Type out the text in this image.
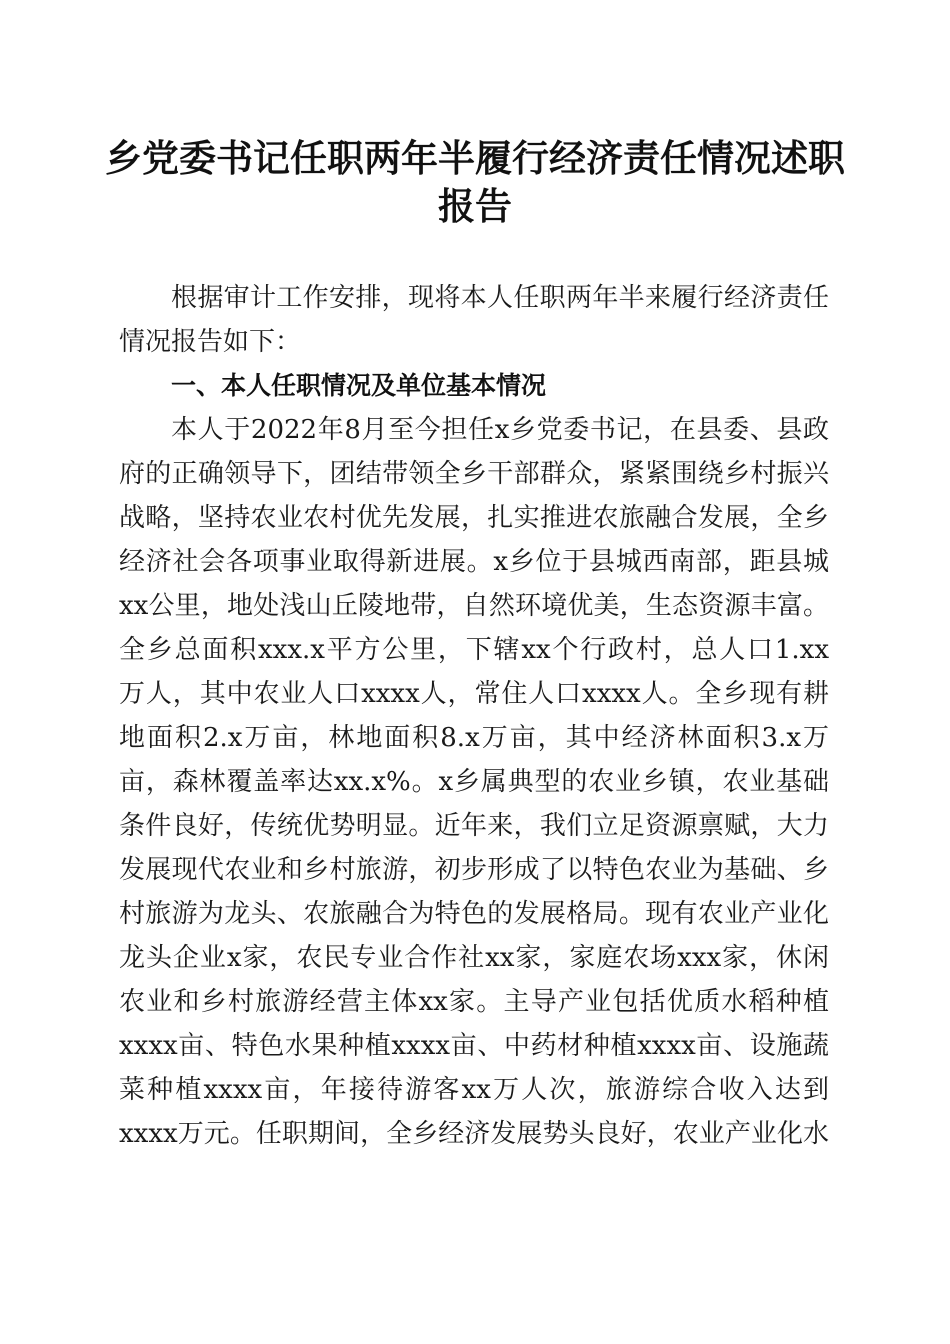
乡党委书记任职两年半履行经济责任情况述职
报告
根据审计工作安排，现将本人任职两年半来履行经济责任
情况报告如下：
一、本人任职情况及单位基本情况
本人于2022年8月至今担任x乡党委书记，在县委、县政
府的正确领导下，团结带领全乡干部群众，紧紧围绕乡村振兴
战略，坚持农业农村优先发展，扎实推进农旅融合发展，全乡
经济社会各项事业取得新进展。x乡位于县城西南部，距县城
xx公里，地处浅山丘陵地带，自然环境优美，生态资源丰富。
全乡总面积xxx.x平方公里，下辖xx个行政村，总人口1.xx
万人，其中农业人口xxxx人，常住人口xxxx人。全乡现有耕
地面积2.x万亩，林地面积8.x万亩，其中经济林面积3.x万
亩，森林覆盖率达xx.x%。x乡属典型的农业乡镇，农业基础
条件良好，传统优势明显。近年来，我们立足资源禀赋，大力
发展现代农业和乡村旅游，初步形成了以特色农业为基础、乡
村旅游为龙头、农旅融合为特色的发展格局。现有农业产业化
龙头企业x家，农民专业合作社xx家，家庭农场xxx家，休闲
农业和乡村旅游经营主体xx家。主导产业包括优质水稻种植
xxxx亩、特色水果种植xxxx亩、中药材种植xxxx亩、设施蔬
菜种植xxxx亩，年接待游客xx万人次，旅游综合收入达到
xxxx万元。任职期间，全乡经济发展势头良好，农业产业化水
